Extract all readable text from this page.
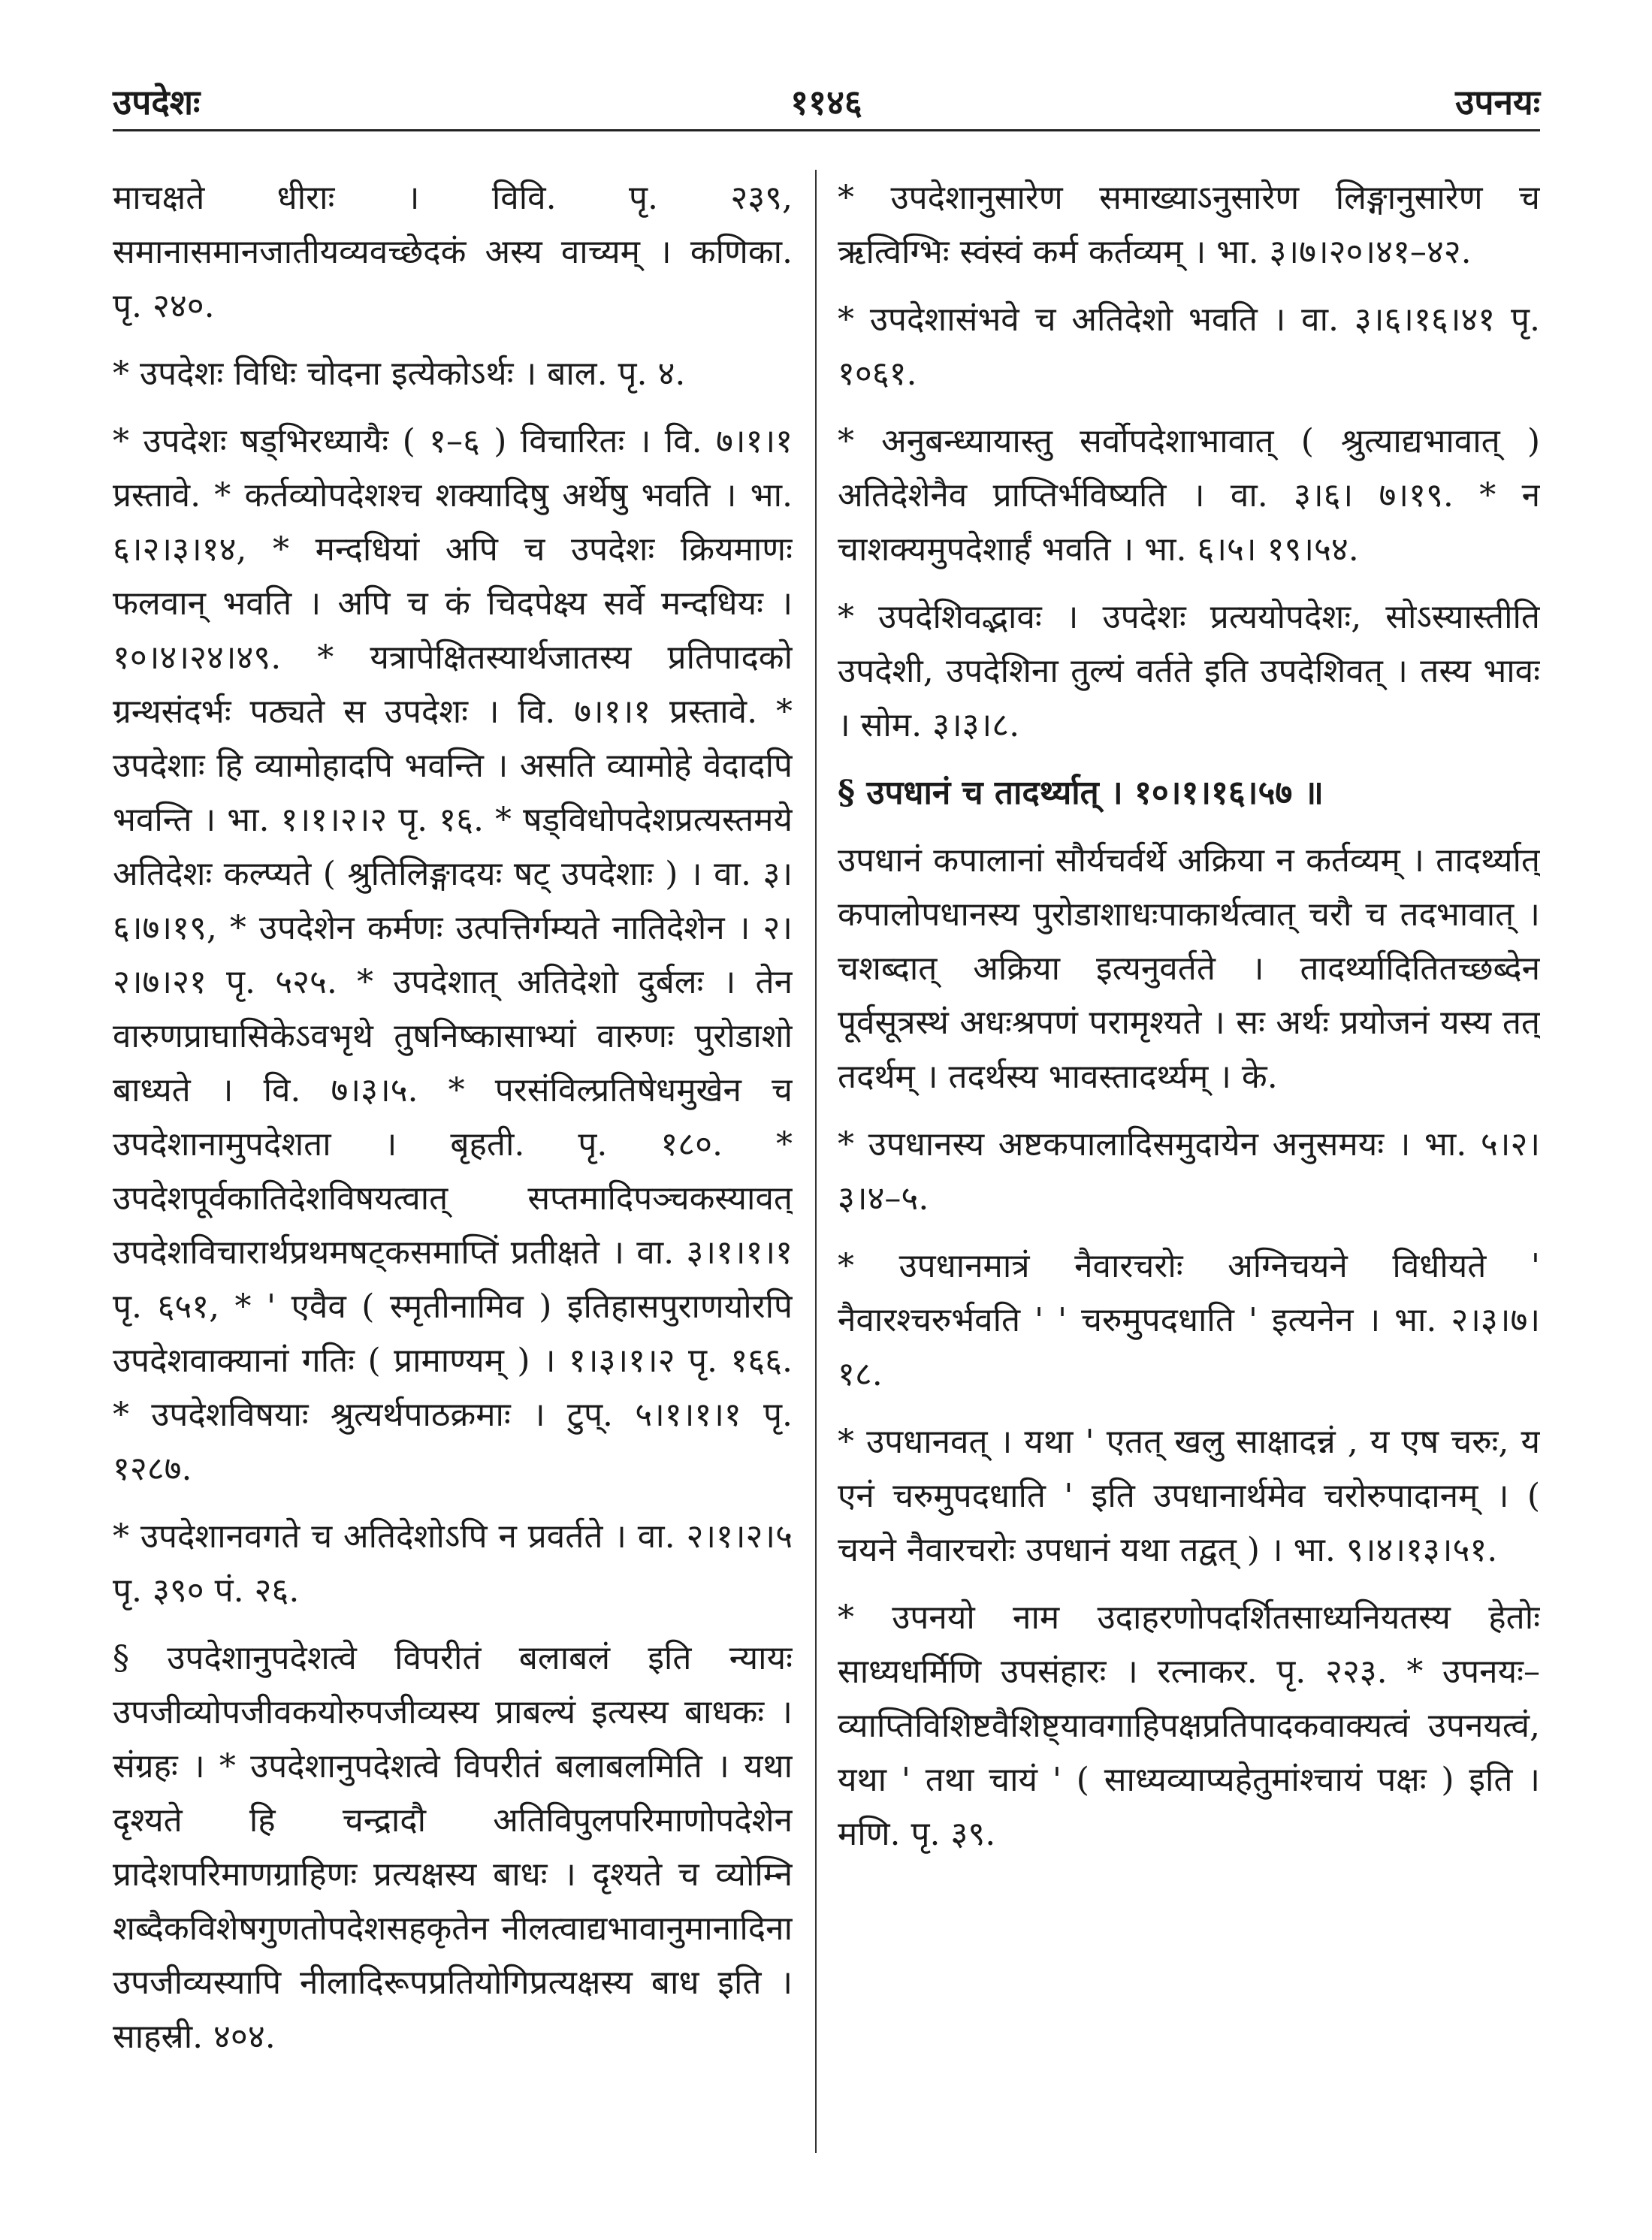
उपदेशः	११४६	उपनयः

माचक्षते धीराः । विवि. पृ. २३९, समानासमानजातीयव्यवच्छेदकं अस्य वाच्यम् । कणिका. पृ. २४०.

* उपदेशः विधिः चोदना इत्येकोऽर्थः । बाल. पृ. ४.

* उपदेशः षड्भिरध्यायैः ( १–६ ) विचारितः । वि. ७।१।१ प्रस्तावे. * कर्तव्योपदेशश्च शक्यादिषु अर्थेषु भवति । भा. ६।२।३।१४, * मन्दधियां अपि च उपदेशः क्रियमाणः फलवान् भवति । अपि च कं चिदपेक्ष्य सर्वे मन्दधियः । १०।४।२४।४९. * यत्रापेक्षितस्यार्थजातस्य प्रतिपादको ग्रन्थसंदर्भः पठ्यते स उपदेशः । वि. ७।१।१ प्रस्तावे. * उपदेशाः हि व्यामोहादपि भवन्ति । असति व्यामोहे वेदादपि भवन्ति । भा. १।१।२।२ पृ. १६. * षड्विधोपदेशप्रत्यस्तमये अतिदेशः कल्प्यते ( श्रुतिलिङ्गादयः षट् उपदेशाः ) । वा. ३।६।७।१९, * उपदेशेन कर्मणः उत्पत्तिर्गम्यते नातिदेशेन । २।२।७।२१ पृ. ५२५. * उपदेशात् अतिदेशो दुर्बलः । तेन वारुणप्राघासिकेऽवभृथे तुषनिष्कासाभ्यां वारुणः पुरोडाशो बाध्यते । वि. ७।३।५. * परसंविल्प्रतिषेधमुखेन च उपदेशानामुपदेशता । बृहती. पृ. १८०. * उपदेशपूर्वकातिदेशविषयत्वात् सप्तमादिपञ्चकस्यावत् उपदेशविचारार्थप्रथमषट्कसमाप्तिं प्रतीक्षते । वा. ३।१।१।१ पृ. ६५१, * ' एवैव ( स्मृतीनामिव ) इतिहासपुराणयोरपि उपदेशवाक्यानां गतिः ( प्रामाण्यम् ) । १।३।१।२ पृ. १६६. * उपदेशविषयाः श्रुत्यर्थपाठक्रमाः । टुप्. ५।१।१।१ पृ. १२८७.

* उपदेशानवगते च अतिदेशोऽपि न प्रवर्तते । वा. २।१।२।५ पृ. ३९० पं. २६.

§ उपदेशानुपदेशत्वे विपरीतं बलाबलं इति न्यायः उपजीव्योपजीवकयोरुपजीव्यस्य प्राबल्यं इत्यस्य बाधकः । संग्रहः । * उपदेशानुपदेशत्वे विपरीतं बलाबलमिति । यथा दृश्यते हि चन्द्रादौ अतिविपुलपरिमाणोपदेशेन प्रादेशपरिमाणग्राहिणः प्रत्यक्षस्य बाधः । दृश्यते च व्योम्नि शब्दैकविशेषगुणतोपदेशसहकृतेन नीलत्वाद्यभावानुमानादिना उपजीव्यस्यापि नीलादिरूपप्रतियोगिप्रत्यक्षस्य बाध इति । साहस्री. ४०४.

* उपदेशानुसारेण समाख्याऽनुसारेण लिङ्गानुसारेण च ऋत्विग्भिः स्वंस्वं कर्म कर्तव्यम् । भा. ३।७।२०।४१–४२.

* उपदेशासंभवे च अतिदेशो भवति । वा. ३।६।१६।४१ पृ. १०६१.

* अनुबन्ध्यायास्तु सर्वोपदेशाभावात् ( श्रुत्याद्यभावात् ) अतिदेशेनैव प्राप्तिर्भविष्यति । वा. ३।६। ७।१९. * न चाशक्यमुपदेशार्हं भवति । भा. ६।५। १९।५४.

* उपदेशिवद्भावः । उपदेशः प्रत्ययोपदेशः, सोऽस्यास्तीति उपदेशी, उपदेशिना तुल्यं वर्तते इति उपदेशिवत् । तस्य भावः । सोम. ३।३।८.

§ उपधानं च तादर्थ्यात् । १०।१।१६।५७ ॥

उपधानं कपालानां सौर्यचर्वर्थे अक्रिया न कर्तव्यम् । तादर्थ्यात् कपालोपधानस्य पुरोडाशाधःपाकार्थत्वात् चरौ च तदभावात् । चशब्दात् अक्रिया इत्यनुवर्तते । तादर्थ्यादितितच्छब्देन पूर्वसूत्रस्थं अधःश्रपणं परामृश्यते । सः अर्थः प्रयोजनं यस्य तत् तदर्थम् । तदर्थस्य भावस्तादर्थ्यम् । के.

* उपधानस्य अष्टकपालादिसमुदायेन अनुसमयः । भा. ५।२।३।४–५.

* उपधानमात्रं नैवारचरोः अग्निचयने विधीयते ' नैवारश्चरुर्भवति ' ' चरुमुपदधाति ' इत्यनेन । भा. २।३।७।१८.

* उपधानवत् । यथा ' एतत् खलु साक्षादन्नं , य एष चरुः, य एनं चरुमुपदधाति ' इति उपधानार्थमेव चरोरुपादानम् । ( चयने नैवारचरोः उपधानं यथा तद्वत् ) । भा. ९।४।१३।५१.

* उपनयो नाम उदाहरणोपदर्शितसाध्यनियतस्य हेतोः साध्यधर्मिणि उपसंहारः । रत्नाकर. पृ. २२३. * उपनयः– व्याप्तिविशिष्टवैशिष्ट्यावगाहिपक्षप्रतिपादकवाक्यत्वं उपनयत्वं, यथा ' तथा चायं ' ( साध्यव्याप्यहेतुमांश्चायं पक्षः ) इति । मणि. पृ. ३९.
